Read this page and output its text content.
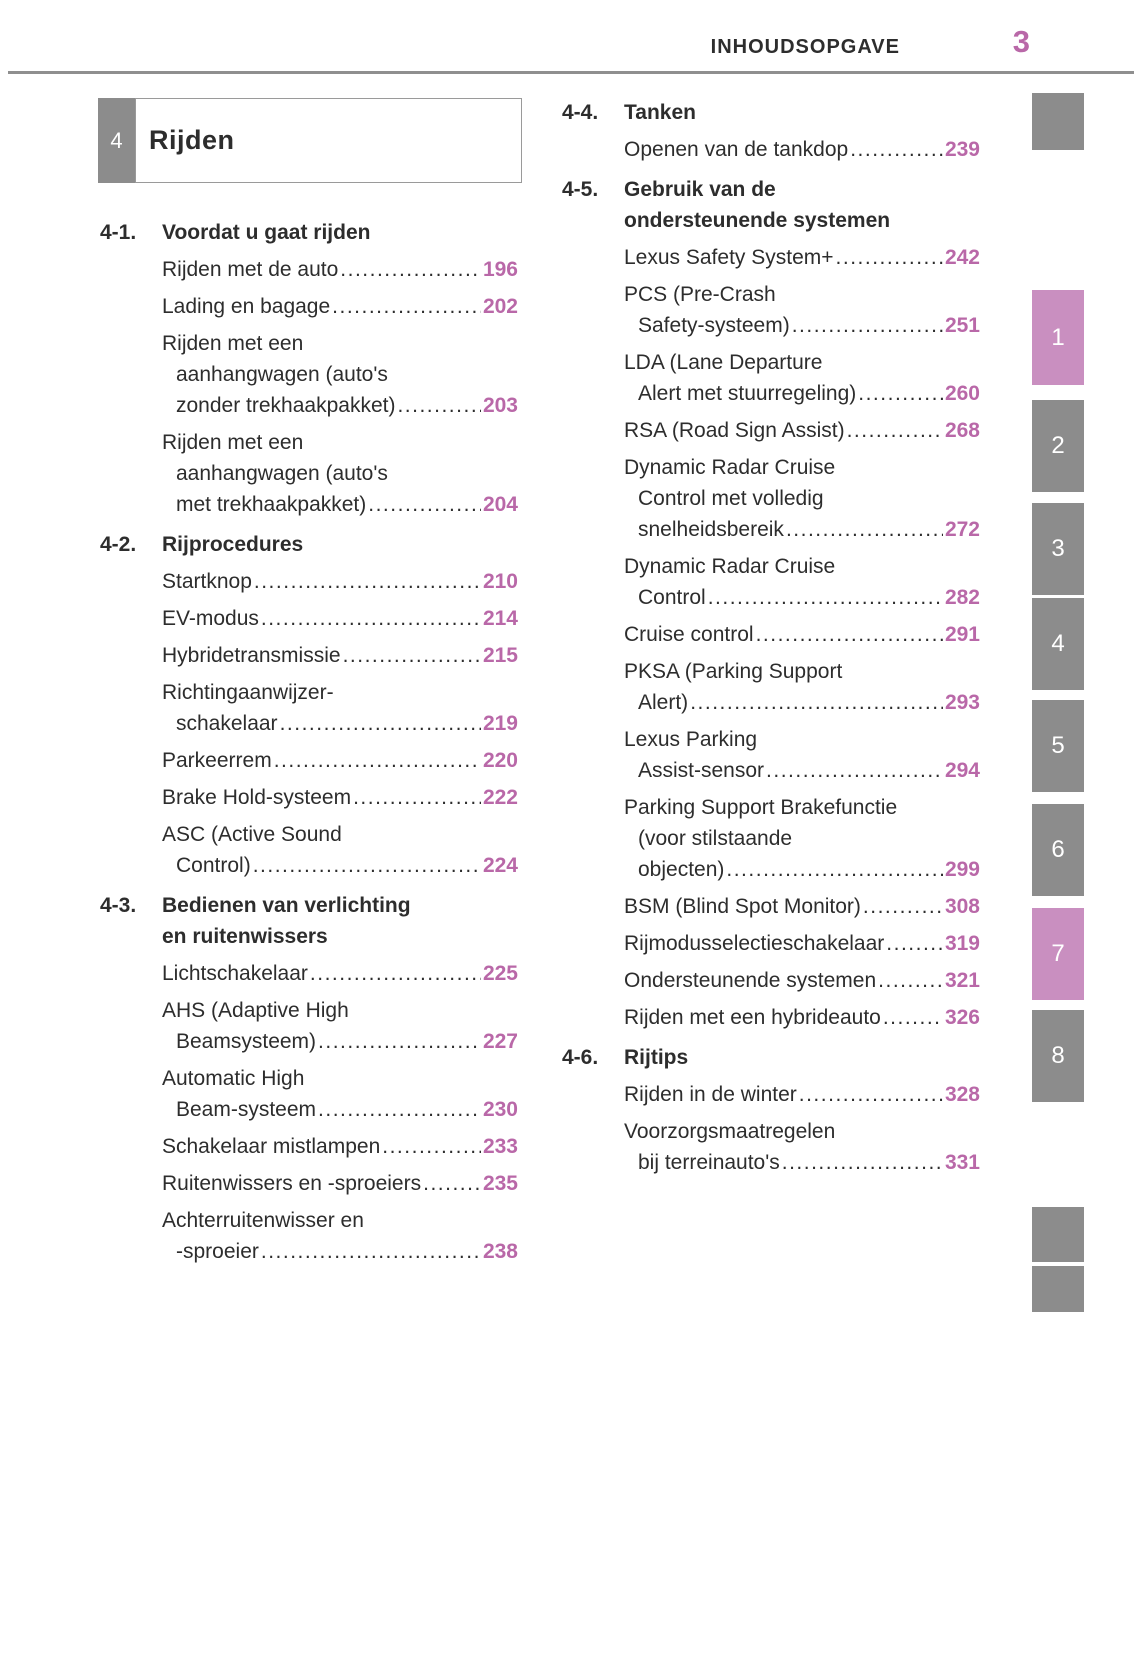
INHOUDSOPGAVE	3
4 Rijden
4-1.	Voordat u gaat rijden
Rijden met de auto .....	196
Lading en bagage .....	202
Rijden met een
aanhangwagen (auto's
zonder trekhaakpakket) .....	203
Rijden met een
aanhangwagen (auto's
met trekhaakpakket) .....	204
4-2.	Rijprocedures
Startknop .....	210
EV-modus .....	214
Hybridetransmissie .....	215
Richtingaanwijzer-
schakelaar .....	219
Parkeerrem .....	220
Brake Hold-systeem .....	222
ASC (Active Sound
Control) .....	224
4-3.	Bedienen van verlichting
en ruitenwissers
Lichtschakelaar .....	225
AHS (Adaptive High
Beamsysteem) .....	227
Automatic High
Beam-systeem .....	230
Schakelaar mistlampen .....	233
Ruitenwissers en -sproeiers .....	235
Achterruitenwisser en
-sproeier .....	238
4-4.	Tanken
Openen van de tankdop .....	239
4-5.	Gebruik van de
ondersteunende systemen
Lexus Safety System+ .....	242
PCS (Pre-Crash
Safety-systeem) .....	251
LDA (Lane Departure
Alert met stuurregeling) .....	260
RSA (Road Sign Assist) .....	268
Dynamic Radar Cruise
Control met volledig
snelheidsbereik .....	272
Dynamic Radar Cruise
Control .....	282
Cruise control .....	291
PKSA (Parking Support
Alert) .....	293
Lexus Parking
Assist-sensor .....	294
Parking Support Brakefunctie
(voor stilstaande
objecten) .....	299
BSM (Blind Spot Monitor) .....	308
Rijmodusselectieschakelaar .....	319
Ondersteunende systemen .....	321
Rijden met een hybrideauto .....	326
4-6.	Rijtips
Rijden in de winter .....	328
Voorzorgsmaatregelen
bij terreinauto's .....	331
1
2
3
4
5
6
7
8
